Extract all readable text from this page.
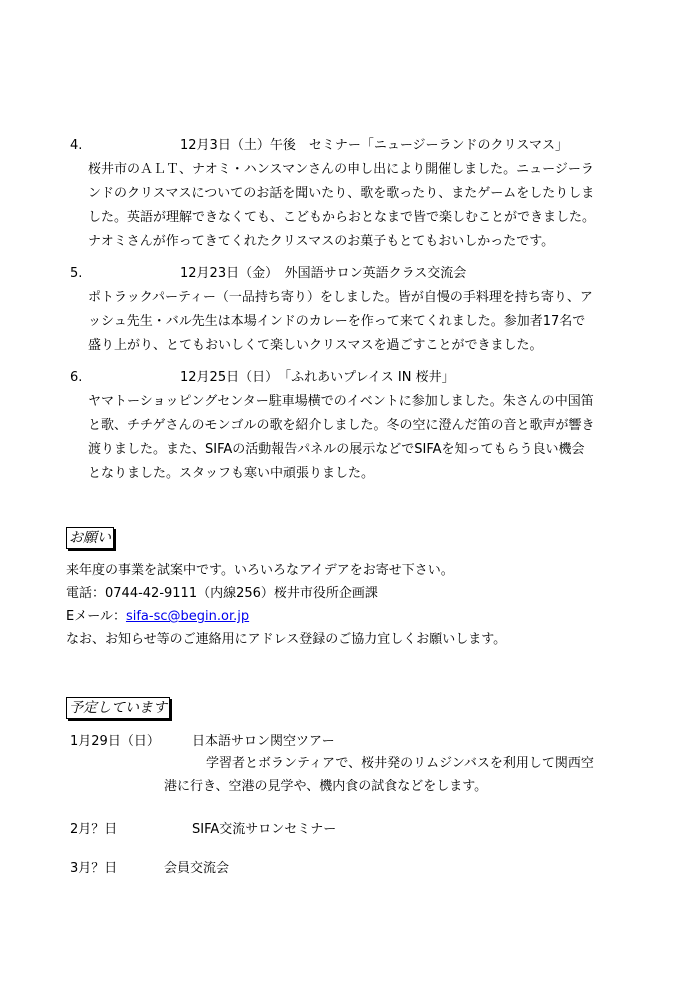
4.	12月3日（土）午後　セミナー「ニュージーランドのクリスマス」

桜井市のＡＬＴ、ナオミ・ハンスマンさんの申し出により開催しました。ニュージーラ

ンドのクリスマスについてのお話を聞いたり、歌を歌ったり、またゲームをしたりしま

した。英語が理解できなくても、こどもからおとなまで皆で楽しむことができました。

ナオミさんが作ってきてくれたクリスマスのお菓子もとてもおいしかったです。

5.	12月23日（金）　外国語サロン英語クラス交流会

ポトラックパーティー（一品持ち寄り）をしました。皆が自慢の手料理を持ち寄り、ア

ッシュ先生・バル先生は本場インドのカレーを作って来てくれました。参加者17名で

盛り上がり、とてもおいしくて楽しいクリスマスを過ごすことができました。

6.	12月25日（日）　「ふれあいプレイス IN 桜井」

ヤマトーショッピングセンター駐車場横でのイベントに参加しました。朱さんの中国笛

と歌、チチゲさんのモンゴルの歌を紹介しました。冬の空に澄んだ笛の音と歌声が響き

渡りました。また、SIFAの活動報告パネルの展示などでSIFAを知ってもらう良い機会

となりました。スタッフも寒い中頑張りました。

お願い
来年度の事業を試案中です。いろいろなアイデアをお寄せ下さい。
電話：0744-42-9111（内線256）桜井市役所企画課
Eメール：sifa-sc@begin.or.jp
なお、お知らせ等のご連絡用にアドレス登録のご協力宜しくお願いします。
予定しています
1月29日（日） 日本語サロン関空ツアー
学習者とボランティアで、桜井発のリムジンバスを利用して関西空
港に行き、空港の見学や、機内食の試食などをします。
2月？日	SIFA交流サロンセミナー
3月？日	会員交流会
